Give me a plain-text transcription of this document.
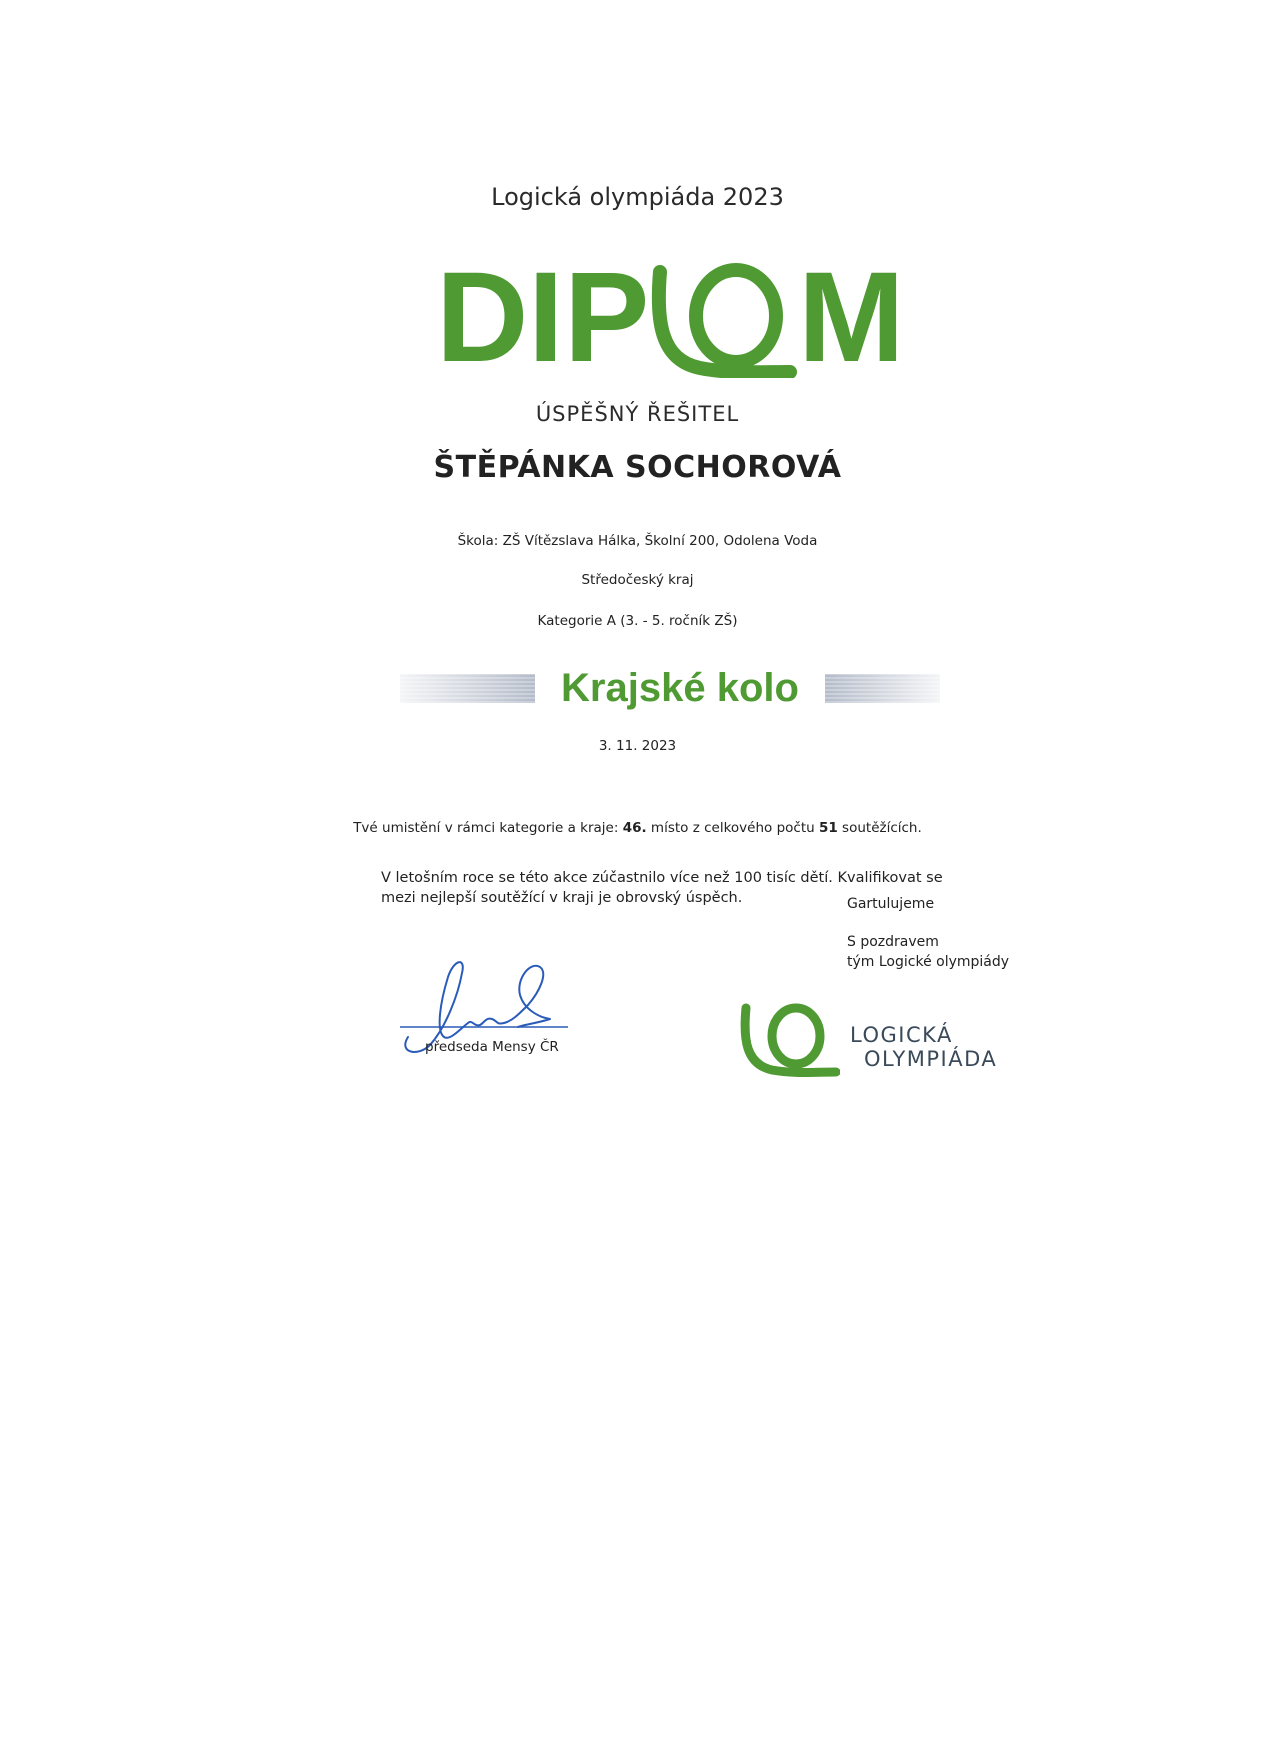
Logická olympiáda 2023
D I P M
ÚSPĚŠNÝ ŘEŠITEL
ŠTĚPÁNKA SOCHOROVÁ
Škola: ZŠ Vítězslava Hálka, Školní 200, Odolena Voda
Středočeský kraj
Kategorie A (3. - 5. ročník ZŠ)
Krajské kolo
3. 11. 2023
Tvé umistění v rámci kategorie a kraje: 46. místo z celkového počtu 51 soutěžících.
V letošním roce se této akce zúčastnilo více než 100 tisíc dětí. Kvalifikovat se mezi nejlepší soutěžící v kraji je obrovský úspěch.	Gartulujeme
S pozdravem
tým Logické olympiády
předseda Mensy ČR	LOGICKÁ
OLYMPIÁDA
